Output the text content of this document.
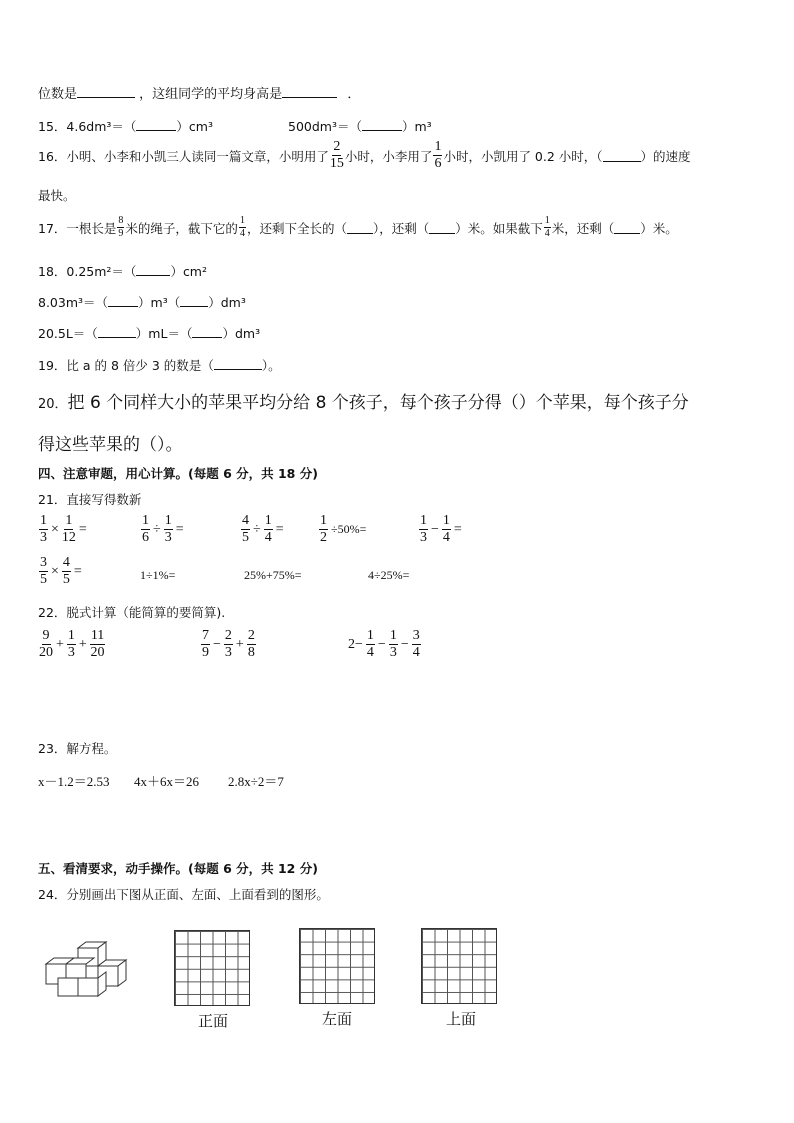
位数是	，这组同学的平均身高是	．
15．4.6dm³＝（	）cm³	500dm³＝（	）m³
16． 小明、小李和小凯三人读同一篇文章，小明用了 $\frac{2}{15}$ 小时，小李用了 $\frac{1}{6}$ 小时，小凯用了 0.2 小时，（	）的速度
最快。
17． 一根长是 $\frac{8}{9}$ 米的绳子，截下它的 $\frac{1}{4}$ ，还剩下全长的（ ），还剩（ ）米。如果截下 $\frac{1}{4}$ 米，还剩（ ）米。
18．0.25m²＝（	）cm²
8.03m³＝（ ）m³（ ）dm³
20.5L＝（	）mL＝（ ）dm³
19．比 a 的 8 倍少 3 的数是（	）。
20．把 6 个同样大小的苹果平均分给 8 个孩子，每个孩子分得（）个苹果，每个孩子分
得这些苹果的（）。
四、注意审题，用心计算。(每题 6 分，共 18 分)
21．直接写得数新
$\frac{1}{3} \times \frac{1}{12}$ =	$\frac{1}{6} \div \frac{1}{3}$ =	$\frac{4}{5} \div \frac{1}{4}$ =	$\frac{1}{2} \div 50\%=$	$\frac{1}{3} - \frac{1}{4}$ =
$\frac{3}{5} \times \frac{4}{5}$ =	1÷1%=	25%+75%=	4÷25%=
22．脱式计算（能简算的要简算).
$\frac{9}{20} + \frac{1}{3} + \frac{11}{20}$	$\frac{7}{9} - \frac{2}{3} + \frac{2}{8}$	$2- \frac{1}{4} - \frac{1}{3} - \frac{3}{4}$
23．解方程。
x－1.2＝2.53 4x＋6x＝26 2.8x÷2＝7
五、看清要求，动手操作。(每题 6 分，共 12 分)
24．分别画出下图从正面、左面、上面看到的图形。
正面	左面	上面
